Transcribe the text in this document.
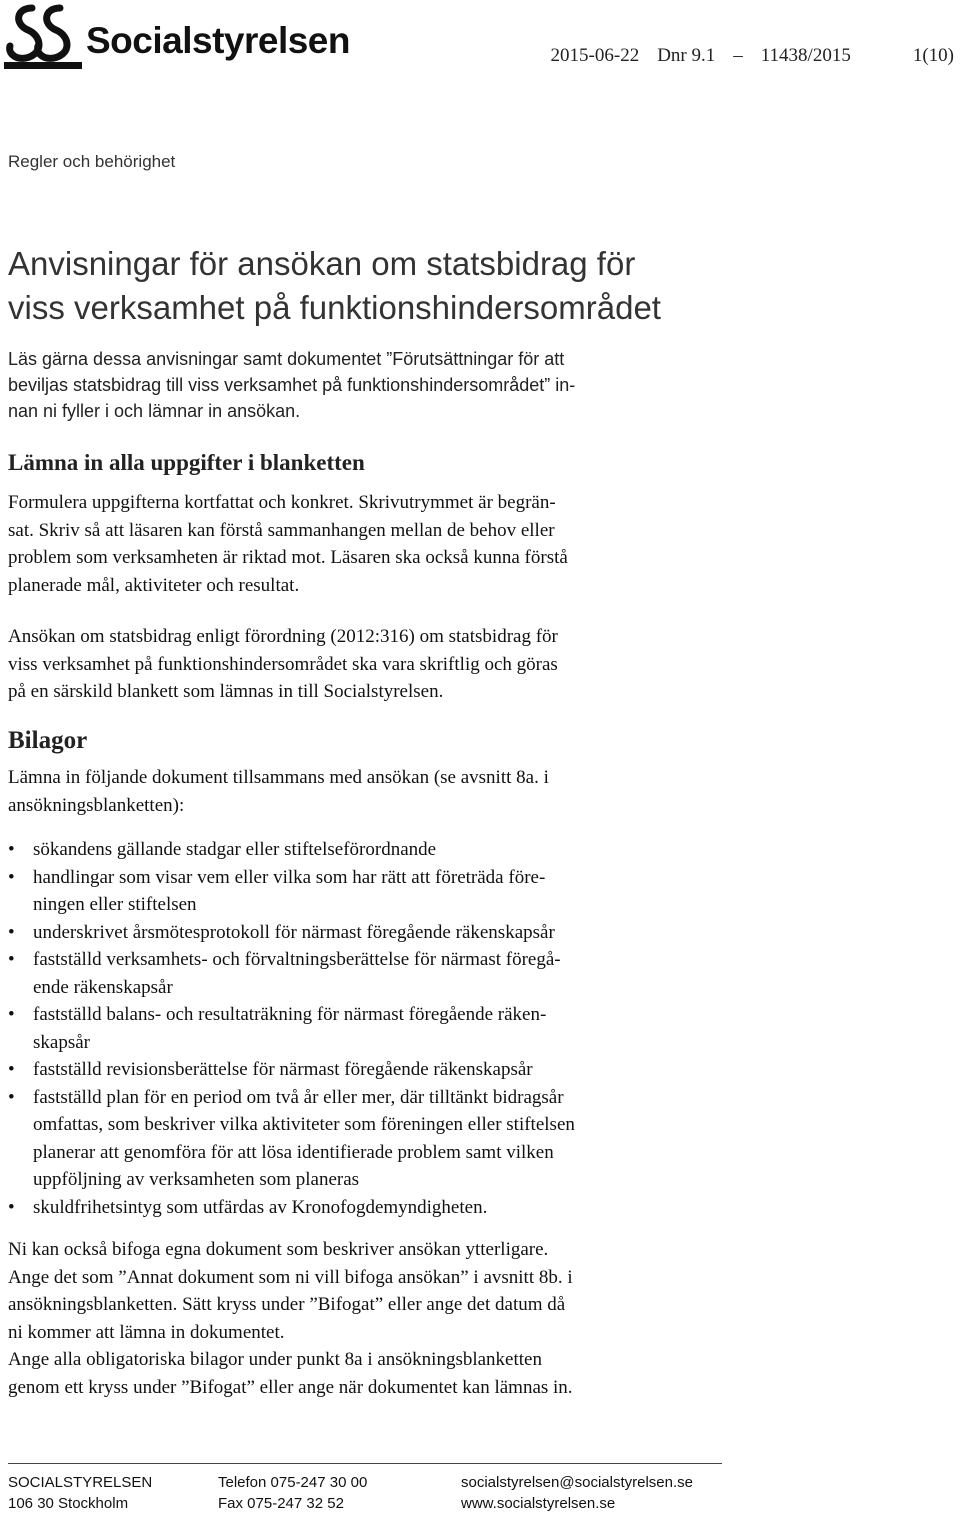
Socialstyrelsen	2015-06-22 Dnr 9.1 – 11438/2015	1(10)
Regler och behörighet
Anvisningar för ansökan om statsbidrag för
viss verksamhet på funktionshindersområdet

Läs gärna dessa anvisningar samt dokumentet ”Förutsättningar för att
beviljas statsbidrag till viss verksamhet på funktionshindersområdet” in-
nan ni fyller i och lämnar in ansökan.

Lämna in alla uppgifter i blanketten

Formulera uppgifterna kortfattat och konkret. Skrivutrymmet är begrän-
sat. Skriv så att läsaren kan förstå sammanhangen mellan de behov eller
problem som verksamheten är riktad mot. Läsaren ska också kunna förstå
planerade mål, aktiviteter och resultat.

Ansökan om statsbidrag enligt förordning (2012:316) om statsbidrag för
viss verksamhet på funktionshindersområdet ska vara skriftlig och göras
på en särskild blankett som lämnas in till Socialstyrelsen.

Bilagor

Lämna in följande dokument tillsammans med ansökan (se avsnitt 8a. i
ansökningsblanketten):

• sökandens gällande stadgar eller stiftelseförordnande
• handlingar som visar vem eller vilka som har rätt att företräda före-
ningen eller stiftelsen
• underskrivet årsmötesprotokoll för närmast föregående räkenskapsår
• fastställd verksamhets- och förvaltningsberättelse för närmast föregå-
ende räkenskapsår
• fastställd balans- och resultaträkning för närmast föregående räken-
skapsår
• fastställd revisionsberättelse för närmast föregående räkenskapsår
• fastställd plan för en period om två år eller mer, där tilltänkt bidragsår
omfattas, som beskriver vilka aktiviteter som föreningen eller stiftelsen
planerar att genomföra för att lösa identifierade problem samt vilken
uppföljning av verksamheten som planeras
• skuldfrihetsintyg som utfärdas av Kronofogdemyndigheten.

Ni kan också bifoga egna dokument som beskriver ansökan ytterligare.
Ange det som ”Annat dokument som ni vill bifoga ansökan” i avsnitt 8b. i
ansökningsblanketten. Sätt kryss under ”Bifogat” eller ange det datum då
ni kommer att lämna in dokumentet.
Ange alla obligatoriska bilagor under punkt 8a i ansökningsblanketten
genom ett kryss under ”Bifogat” eller ange när dokumentet kan lämnas in.

SOCIALSTYRELSEN
106 30 Stockholm
Telefon 075-247 30 00
Fax 075-247 32 52
socialstyrelsen@socialstyrelsen.se
www.socialstyrelsen.se
